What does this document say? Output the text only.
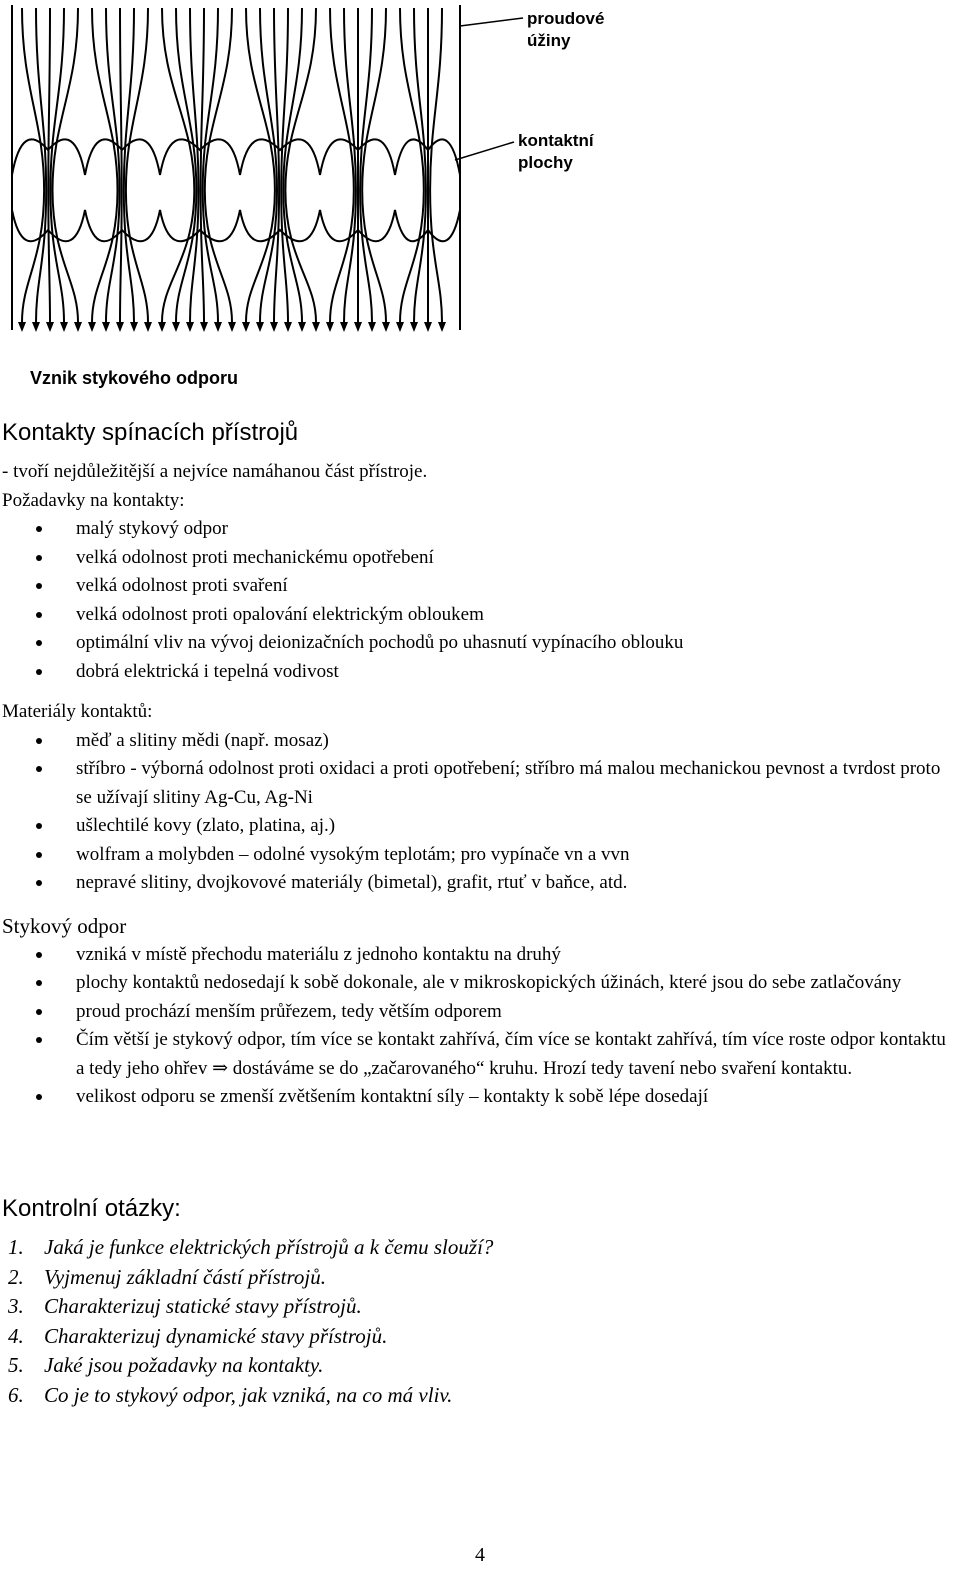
proudové
úžiny
kontaktní
plochy
Vznik stykového odporu
Kontakty spínacích přístrojů

- tvoří nejdůležitější a nejvíce namáhanou část přístroje.

Požadavky na kontakty:

malý stykový odpor
velká odolnost proti mechanickému opotřebení
velká odolnost proti svaření
velká odolnost proti opalování elektrickým obloukem
optimální vliv na vývoj deionizačních pochodů po uhasnutí vypínacího oblouku
dobrá elektrická i tepelná vodivost

Materiály kontaktů:

měď a slitiny mědi (např. mosaz)
stříbro - výborná odolnost proti oxidaci a proti opotřebení; stříbro má malou mechanickou pevnost a tvrdost proto se užívají slitiny Ag-Cu, Ag-Ni
ušlechtilé kovy (zlato, platina, aj.)
wolfram a molybden – odolné vysokým teplotám; pro vypínače vn a vvn
nepravé slitiny, dvojkovové materiály (bimetal), grafit, rtuť v baňce, atd.

Stykový odpor

vzniká v místě přechodu materiálu z jednoho kontaktu na druhý
plochy kontaktů nedosedají k sobě dokonale, ale v mikroskopických úžinách, které jsou do sebe zatlačovány
proud prochází menším průřezem, tedy větším odporem
Čím větší je stykový odpor, tím více se kontakt zahřívá, čím více se kontakt zahřívá, tím více roste odpor kontaktu a tedy jeho ohřev ⇒ dostáváme se do „začarovaného“ kruhu. Hrozí tedy tavení nebo svaření kontaktu.
velikost odporu se zmenší zvětšením kontaktní síly – kontakty k sobě lépe dosedají
Kontrolní otázky:
1. Jaká je funkce elektrických přístrojů a k čemu slouží?
2. Vyjmenuj základní částí přístrojů.
3. Charakterizuj statické stavy přístrojů.
4. Charakterizuj dynamické stavy přístrojů.
5. Jaké jsou požadavky na kontakty.
6. Co je to stykový odpor, jak vzniká, na co má vliv.
4
